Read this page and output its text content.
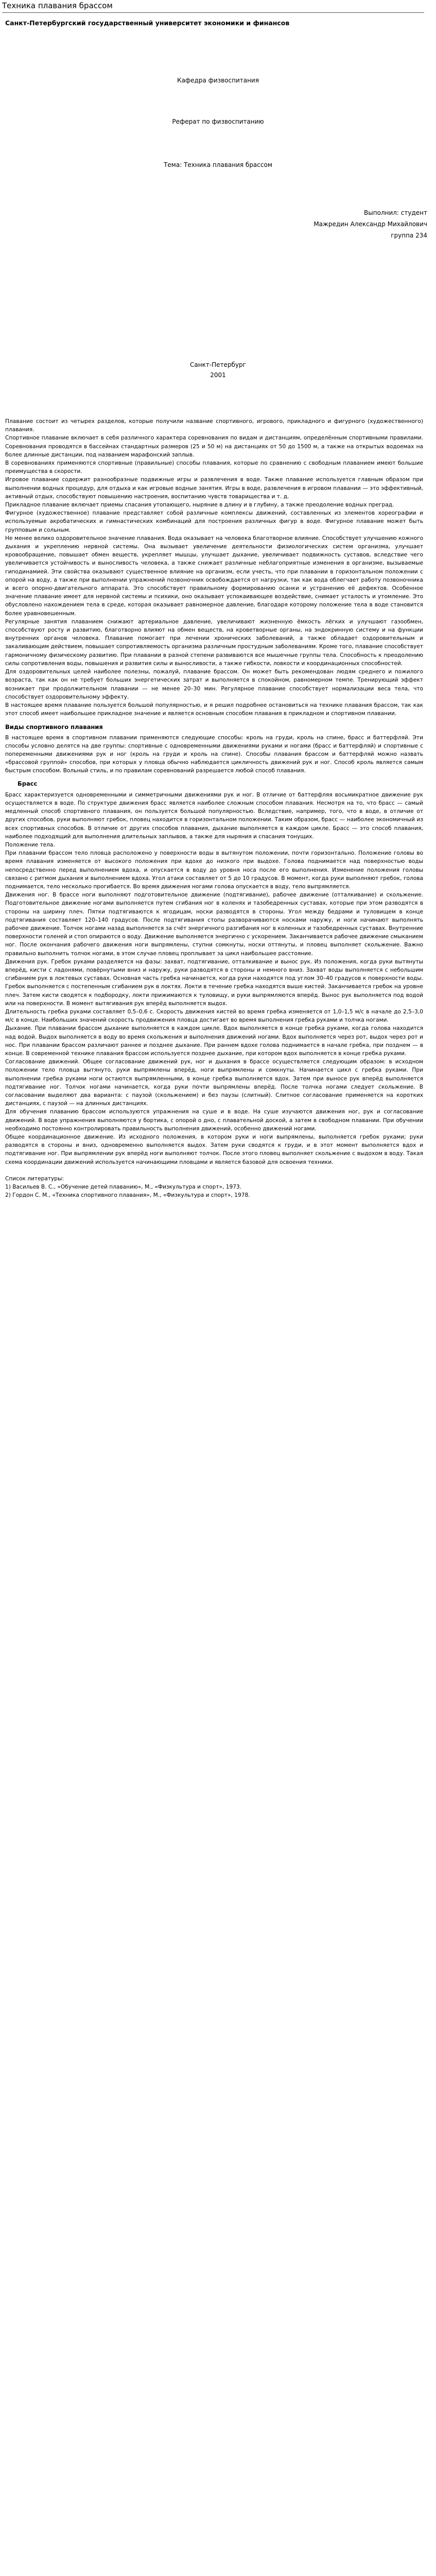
Техника плавания брассом
Санкт-Петербургский государственный университет экономики и финансов
Кафедра физвоспитания
Реферат по физвоспитанию
Тема: Техника плавания брассом
Выполнил: студент
Мажредин Александр Михайлович
группа 234
Санкт-Петербург
2001

Плавание состоит из четырех разделов, которые получили название спортивного, игрового, прикладного и фигурного (художественного) плавания.

Спортивное плавание включает в себя различного характера соревнования по видам и дистанциям, определённым спортивными правилами. Соревнования проводятся в бассейнах стандартных размеров (25 и 50 м) на дистанциях от 50 до 1500 м, а также на открытых водоемах на более длинные дистанции, под названием марафонский заплыв.

В соревнованиях применяются спортивные (правильные) способы плавания, которые по сравнению с свободным плаванием имеют большие преимущества в скорости.

Игровое плавание содержит разнообразные подвижные игры и развлечения в воде. Также плавание используется главным образом при выполнении водных процедур, для отдыха и как игровые водные занятия. Игры в воде, развлечения в игровом плавании — это эффективный, активный отдых, способствуют повышению настроения, воспитанию чувств товарищества и т. д.

Прикладное плавание включает приемы спасания утопающего, ныряние в длину и в глубину, а также преодоление водных преград.

Фигурное (художественное) плавание представляет собой различные комплексы движений, составленных из элементов хореографии и используемые акробатических и гимнастических комбинаций для построения различных фигур в воде. Фигурное плавание может быть групповым и сольным.

Не менее велико оздоровительное значение плавания. Вода оказывает на человека благотворное влияние. Способствует улучшению кожного дыхания и укреплению нервной системы. Она вызывает увеличение деятельности физиологических систем организма, улучшает кровообращение, повышает обмен веществ, укрепляет мышцы, улучшает дыхание, увеличивает подвижность суставов, вследствие чего увеличивается устойчивость и выносливость человека, а также снижает различные неблагоприятные изменения в организме, вызываемые гиподинамией. Эти свойства оказывают существенное влияние на организм, если учесть, что при плавании в горизонтальном положении с опорой на воду, а также при выполнении упражнений позвоночник освобождается от нагрузки, так как вода облегчает работу позвоночника и всего опорно-двигательного аппарата. Это способствует правильному формированию осанки и устранению её дефектов. Особенное значение плавание имеет для нервной системы и психики, оно оказывает успокаивающее воздействие, снимает усталость и утомление. Это обусловлено нахождением тела в среде, которая оказывает равномерное давление, благодаря которому положение тела в воде становится более уравновешенным.

Регулярные занятия плаванием снижают артериальное давление, увеличивают жизненную ёмкость лёгких и улучшают газообмен, способствуют росту и развитию, благотворно влияют на обмен веществ, на кроветворные органы, на эндокринную систему и на функции внутренних органов человека. Плавание помогает при лечении хронических заболеваний, а также обладает оздоровительным и закаливающим действием, повышает сопротивляемость организма различным простудным заболеваниям. Кроме того, плавание способствует гармоничному физическому развитию. При плавании в разной степени развиваются все мышечные группы тела. Способность к преодолению силы сопротивления воды, повышения и развития силы и выносливости, а также гибкости, ловкости и координационных способностей.

Для оздоровительных целей наиболее полезны, пожалуй, плавание брассом. Он может быть рекомендован людям среднего и пожилого возраста, так как он не требует больших энергетических затрат и выполняется в спокойном, равномерном темпе. Тренирующий эффект возникает при продолжительном плавании — не менее 20–30 мин. Регулярное плавание способствует нормализации веса тела, что способствует оздоровительному эффекту.

В настоящее время плавание пользуется большой популярностью, и я решил подробнее остановиться на технике плавания брассом, так как этот способ имеет наибольшее прикладное значение и является основным способом плавания в прикладном и спортивном плавании.

Виды спортивного плавания

В настоящее время в спортивном плавании применяются следующие способы: кроль на груди, кроль на спине, брасс и баттерфляй. Эти способы условно делятся на две группы: спортивные с одновременными движениями руками и ногами (брасс и баттерфляй) и спортивные с попеременными движениями рук и ног (кроль на груди и кроль на спине). Способы плавания брассом и баттерфляй можно назвать «брассовой группой» способов, при которых у пловца обычно наблюдается цикличность движений рук и ног. Способ кроль является самым быстрым способом. Вольный стиль, и по правилам соревнований разрешается любой способ плавания.

Брасс

Брасс характеризуется одновременными и симметричными движениями рук и ног. В отличие от баттерфляя восьмикратное движение рук осуществляется в воде. По структуре движения брасс является наиболее сложным способом плавания. Несмотря на то, что брасс — самый медленный способ спортивного плавания, он пользуется большой популярностью. Вследствие, например, того, что в воде, в отличие от других способов, руки выполняют гребок, пловец находится в горизонтальном положении. Таким образом, брасс — наиболее экономичный из всех спортивных способов. В отличие от других способов плавания, дыхание выполняется в каждом цикле. Брасс — это способ плавания, наиболее подходящий для выполнения длительных заплывов, а также для ныряния и спасания тонущих.

Положение тела.

При плавании брассом тело пловца расположено у поверхности воды в вытянутом положении, почти горизонтально. Положение головы во время плавания изменяется от высокого положения при вдохе до низкого при выдохе. Голова поднимается над поверхностью воды непосредственно перед выполнением вдоха, и опускается в воду до уровня носа после его выполнения. Изменение положения головы связано с ритмом дыхания и выполнением вдоха. Угол атаки составляет от 5 до 10 градусов. В момент, когда руки выполняют гребок, голова поднимается, тело несколько прогибается. Во время движения ногами голова опускается в воду, тело выпрямляется.

Движения ног. В брассе ноги выполняют подготовительное движение (подтягивание), рабочее движение (отталкивание) и скольжение. Подготовительное движение ногами выполняется путем сгибания ног в коленях и тазобедренных суставах, которые при этом разводятся в стороны на ширину плеч. Пятки подтягиваются к ягодицам, носки разводятся в стороны. Угол между бедрами и туловищем в конце подтягивания составляет 120–140 градусов. После подтягивания стопы разворачиваются носками наружу, и ноги начинают выполнять рабочее движение. Толчок ногами назад выполняется за счёт энергичного разгибания ног в коленных и тазобедренных суставах. Внутренние поверхности голеней и стоп опираются о воду. Движение выполняется энергично с ускорением. Заканчивается рабочее движение смыканием ног. После окончания рабочего движения ноги выпрямлены, ступни сомкнуты, носки оттянуты, и пловец выполняет скольжение. Важно правильно выполнить толчок ногами, в этом случае пловец проплывает за цикл наибольшее расстояние.

Движения рук. Гребок руками разделяется на фазы: захват, подтягивание, отталкивание и вынос рук. Из положения, когда руки вытянуты вперёд, кисти с ладонями, повёрнутыми вниз и наружу, руки разводятся в стороны и немного вниз. Захват воды выполняется с небольшим сгибанием рук в локтевых суставах. Основная часть гребка начинается, когда руки находятся под углом 30–40 градусов к поверхности воды. Гребок выполняется с постепенным сгибанием рук в локтях. Локти в течение гребка находятся выше кистей. Заканчивается гребок на уровне плеч. Затем кисти сводятся к подбородку, локти прижимаются к туловищу, и руки выпрямляются вперёд. Вынос рук выполняется под водой или на поверхности. В момент вытягивания рук вперёд выполняется выдох.

Длительность гребка руками составляет 0,5–0,6 с. Скорость движения кистей во время гребка изменяется от 1,0–1,5 м/с в начале до 2,5–3,0 м/с в конце. Наибольших значений скорость продвижения пловца достигает во время выполнения гребка руками и толчка ногами.

Дыхание. При плавании брассом дыхание выполняется в каждом цикле. Вдох выполняется в конце гребка руками, когда голова находится над водой. Выдох выполняется в воду во время скольжения и выполнения движений ногами. Вдох выполняется через рот, выдох через рот и нос. При плавании брассом различают раннее и позднее дыхание. При раннем вдохе голова поднимается в начале гребка, при позднем — в конце. В современной технике плавания брассом используется позднее дыхание, при котором вдох выполняется в конце гребка руками.

Согласование движений. Общее согласование движений рук, ног и дыхания в брассе осуществляется следующим образом: в исходном положении тело пловца вытянуто, руки выпрямлены вперёд, ноги выпрямлены и сомкнуты. Начинается цикл с гребка руками. При выполнении гребка руками ноги остаются выпрямленными, в конце гребка выполняется вдох. Затем при выносе рук вперёд выполняется подтягивание ног. Толчок ногами начинается, когда руки почти выпрямлены вперёд. После толчка ногами следует скольжение. В согласовании выделяют два варианта: с паузой (скольжением) и без паузы (слитный). Слитное согласование применяется на коротких дистанциях, с паузой — на длинных дистанциях.

Для обучения плаванию брассом используются упражнения на суше и в воде. На суше изучаются движения ног, рук и согласование движений. В воде упражнения выполняются у бортика, с опорой о дно, с плавательной доской, а затем в свободном плавании. При обучении необходимо постоянно контролировать правильность выполнения движений, особенно движений ногами.

Общее координационное движение. Из исходного положения, в котором руки и ноги выпрямлены, выполняется гребок руками; руки разводятся в стороны и вниз, одновременно выполняется выдох. Затем руки сводятся к груди, и в этот момент выполняется вдох и подтягивание ног. При выпрямлении рук вперёд ноги выполняют толчок. После этого пловец выполняет скольжение с выдохом в воду. Такая схема координации движений используется начинающими пловцами и является базовой для освоения техники.

Список литературы:

1) Васильев В. С., «Обучение детей плаванию», М., «Физкультура и спорт», 1973.

2) Гордон С. М., «Техника спортивного плавания», М., «Физкультура и спорт», 1978.
